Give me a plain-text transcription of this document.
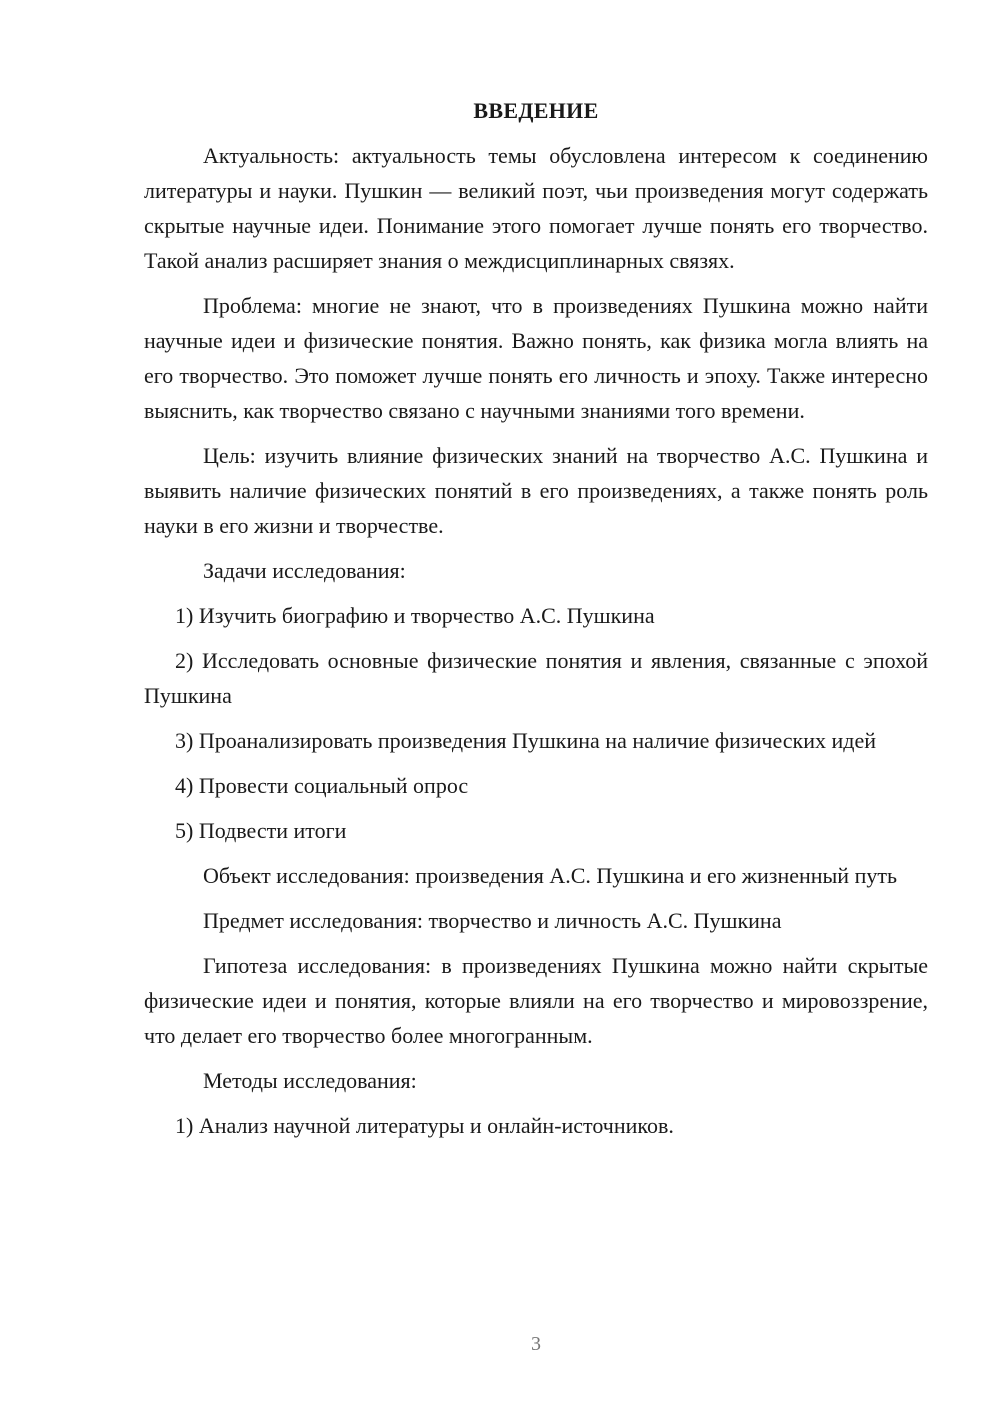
ВВЕДЕНИЕ

Актуальность: актуальность темы обусловлена интересом к соединению литературы и науки. Пушкин — великий поэт, чьи произведения могут содержать скрытые научные идеи. Понимание этого помогает лучше понять его творчество. Такой анализ расширяет знания о междисциплинарных связях.

Проблема: многие не знают, что в произведениях Пушкина можно найти научные идеи и физические понятия. Важно понять, как физика могла влиять на его творчество. Это поможет лучше понять его личность и эпоху. Также интересно выяснить, как творчество связано с научными знаниями того времени.

Цель: изучить влияние физических знаний на творчество А.С. Пушкина и выявить наличие физических понятий в его произведениях, а также понять роль науки в его жизни и творчестве.

Задачи исследования:

1) Изучить биографию и творчество А.С. Пушкина

2) Исследовать основные физические понятия и явления, связанные с эпохой Пушкина

3) Проанализировать произведения Пушкина на наличие физических идей

4) Провести социальный опрос

5) Подвести итоги

Объект исследования: произведения А.С. Пушкина и его жизненный путь

Предмет исследования: творчество и личность А.С. Пушкина

Гипотеза исследования: в произведениях Пушкина можно найти скрытые физические идеи и понятия, которые влияли на его творчество и мировоззрение, что делает его творчество более многогранным.

Методы исследования:

1) Анализ научной литературы и онлайн-источников.

3
